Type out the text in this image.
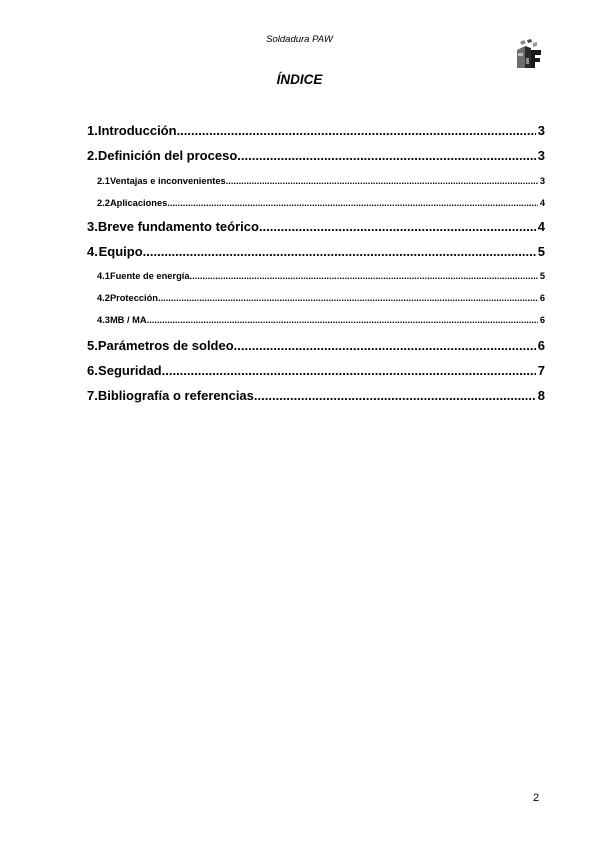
Soldadura PAW
ÍNDICE
1. Introducción .....	3
2. Definición del proceso .....	3
2.1 Ventajas e inconvenientes .....	3
2.2 Aplicaciones .....	4
3. Breve fundamento teórico .....	4
4. Equipo .....	5
4.1 Fuente de energía .....	5
4.2 Protección. .....	6
4.3 MB / MA .....	6
5. Parámetros de soldeo .....	6
6. Seguridad .....	7
7. Bibliografía o referencias .....	8
2
